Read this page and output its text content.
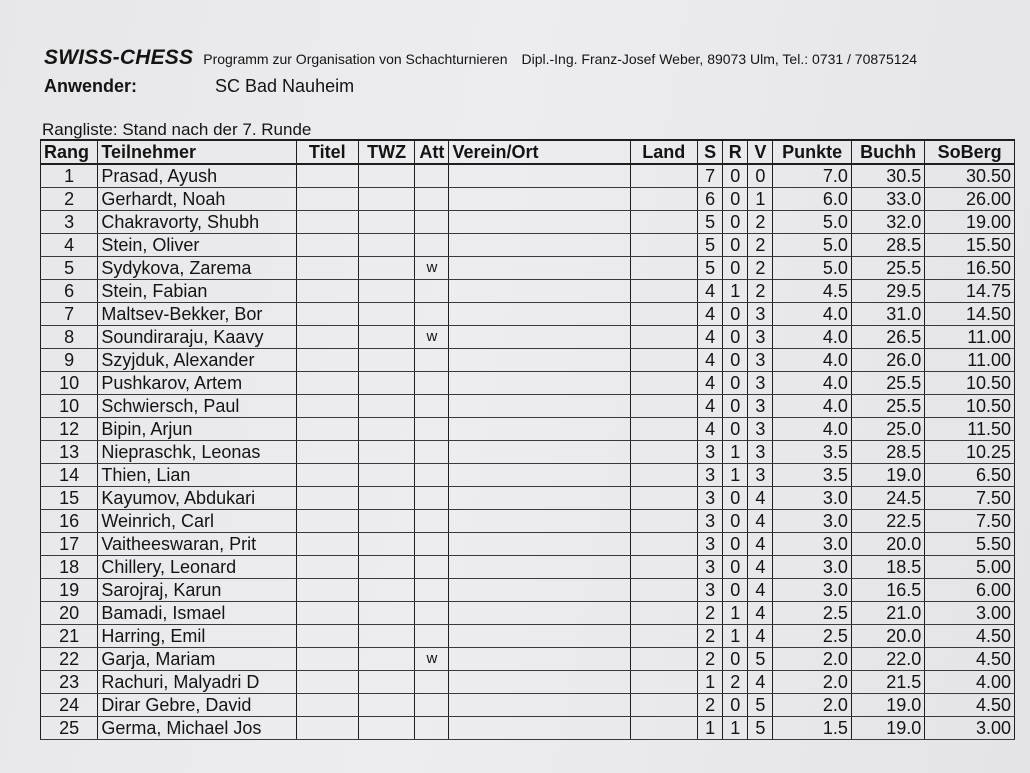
SWISS-CHESS Programm zur Organisation von Schachturnieren Dipl.-Ing. Franz-Josef Weber, 89073 Ulm, Tel.: 0731 / 70875124
Anwender:	SC Bad Nauheim
Rangliste: Stand nach der 7. Runde
Rang	Teilnehmer	Titel	TWZ	Att	Verein/Ort	Land	S	R	V	Punkte	Buchh	SoBerg
1	Prasad, Ayush						7	0	0	7.0	30.5	30.50
2	Gerhardt, Noah						6	0	1	6.0	33.0	26.00
3	Chakravorty, Shubh						5	0	2	5.0	32.0	19.00
4	Stein, Oliver						5	0	2	5.0	28.5	15.50
5	Sydykova, Zarema			w			5	0	2	5.0	25.5	16.50
6	Stein, Fabian						4	1	2	4.5	29.5	14.75
7	Maltsev-Bekker, Bor						4	0	3	4.0	31.0	14.50
8	Soundiraraju, Kaavy			w			4	0	3	4.0	26.5	11.00
9	Szyjduk, Alexander						4	0	3	4.0	26.0	11.00
10	Pushkarov, Artem						4	0	3	4.0	25.5	10.50
10	Schwiersch, Paul						4	0	3	4.0	25.5	10.50
12	Bipin, Arjun						4	0	3	4.0	25.0	11.50
13	Niepraschk, Leonas						3	1	3	3.5	28.5	10.25
14	Thien, Lian						3	1	3	3.5	19.0	6.50
15	Kayumov, Abdukari						3	0	4	3.0	24.5	7.50
16	Weinrich, Carl						3	0	4	3.0	22.5	7.50
17	Vaitheeswaran, Prit						3	0	4	3.0	20.0	5.50
18	Chillery, Leonard						3	0	4	3.0	18.5	5.00
19	Sarojraj, Karun						3	0	4	3.0	16.5	6.00
20	Bamadi, Ismael						2	1	4	2.5	21.0	3.00
21	Harring, Emil						2	1	4	2.5	20.0	4.50
22	Garja, Mariam			w			2	0	5	2.0	22.0	4.50
23	Rachuri, Malyadri D						1	2	4	2.0	21.5	4.00
24	Dirar Gebre, David						2	0	5	2.0	19.0	4.50
25	Germa, Michael Jos						1	1	5	1.5	19.0	3.00
